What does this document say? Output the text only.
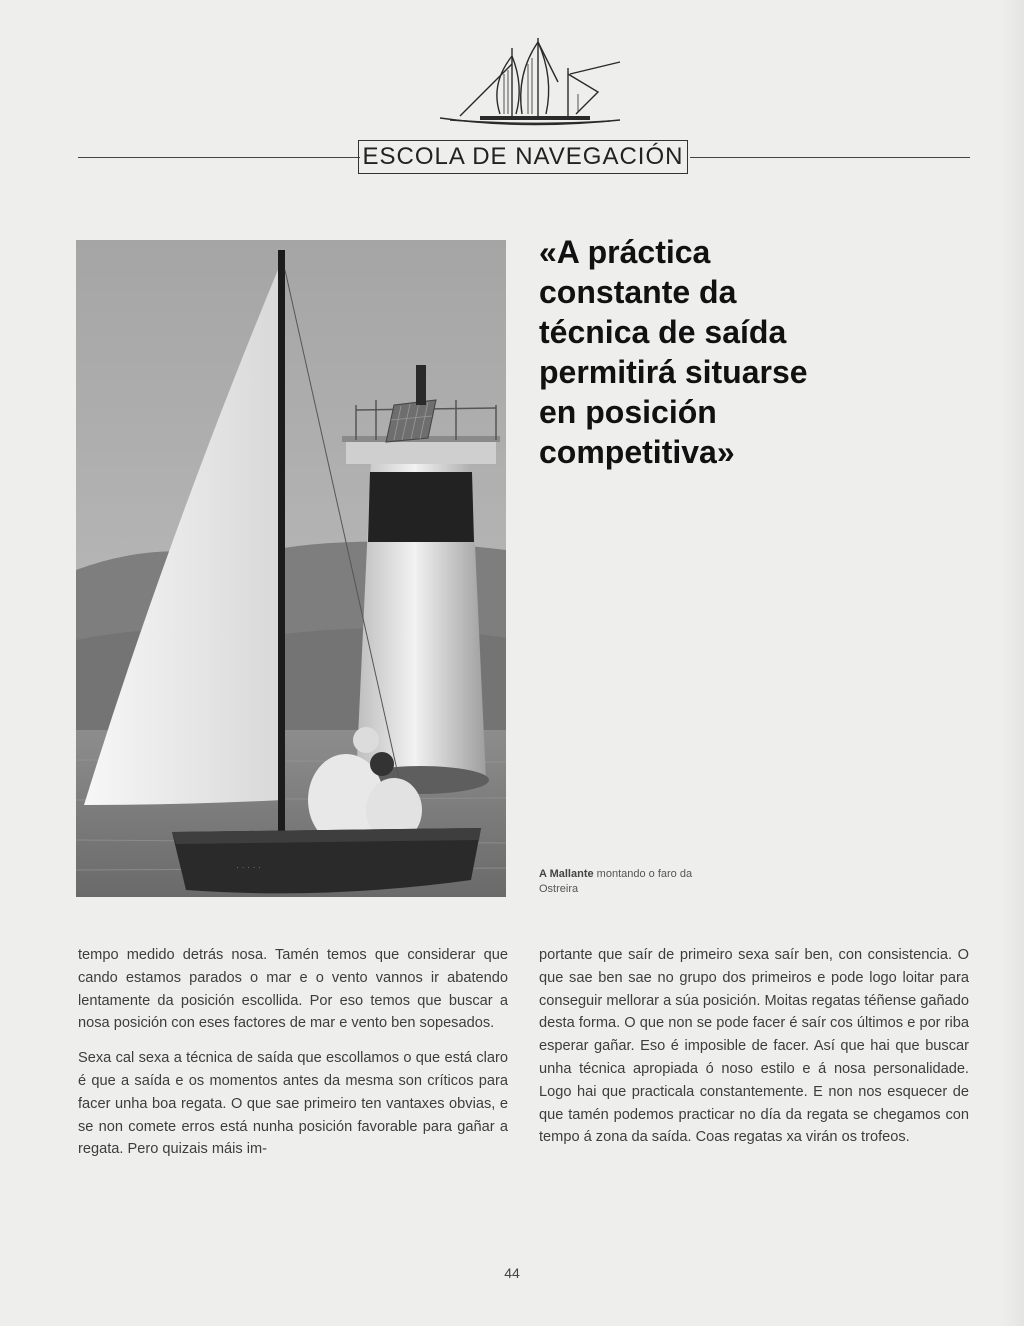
ESCOLA DE NAVEGACIÓN
· · · · ·

«A práctica constante da técnica de saída permitirá situarse en posición competitiva»

A Mallante montando o faro da Ostreira

tempo medido detrás nosa. Tamén temos que considerar que cando estamos parados o mar e o vento vannos ir abatendo lentamente da posición escollida. Por eso temos que buscar a nosa posición con eses factores de mar e vento ben sopesados.

Sexa cal sexa a técnica de saída que escollamos o que está claro é que a saída e os momentos antes da mesma son críticos para facer unha boa regata. O que sae primeiro ten vantaxes obvias, e se non comete erros está nunha posición favorable para gañar a regata. Pero quizais máis im-

portante que saír de primeiro sexa saír ben, con consistencia. O que sae ben sae no grupo dos primeiros e pode logo loitar para conseguir mellorar a súa posición. Moitas regatas téñense gañado desta forma. O que non se pode facer é saír cos últimos e por riba esperar gañar. Eso é imposible de facer. Así que hai que buscar unha técnica apropiada ó noso estilo e á nosa personalidade. Logo hai que practicala constantemente. E non nos esquecer de que tamén podemos practicar no día da regata se chegamos con tempo á zona da saída. Coas regatas xa virán os trofeos.

44
